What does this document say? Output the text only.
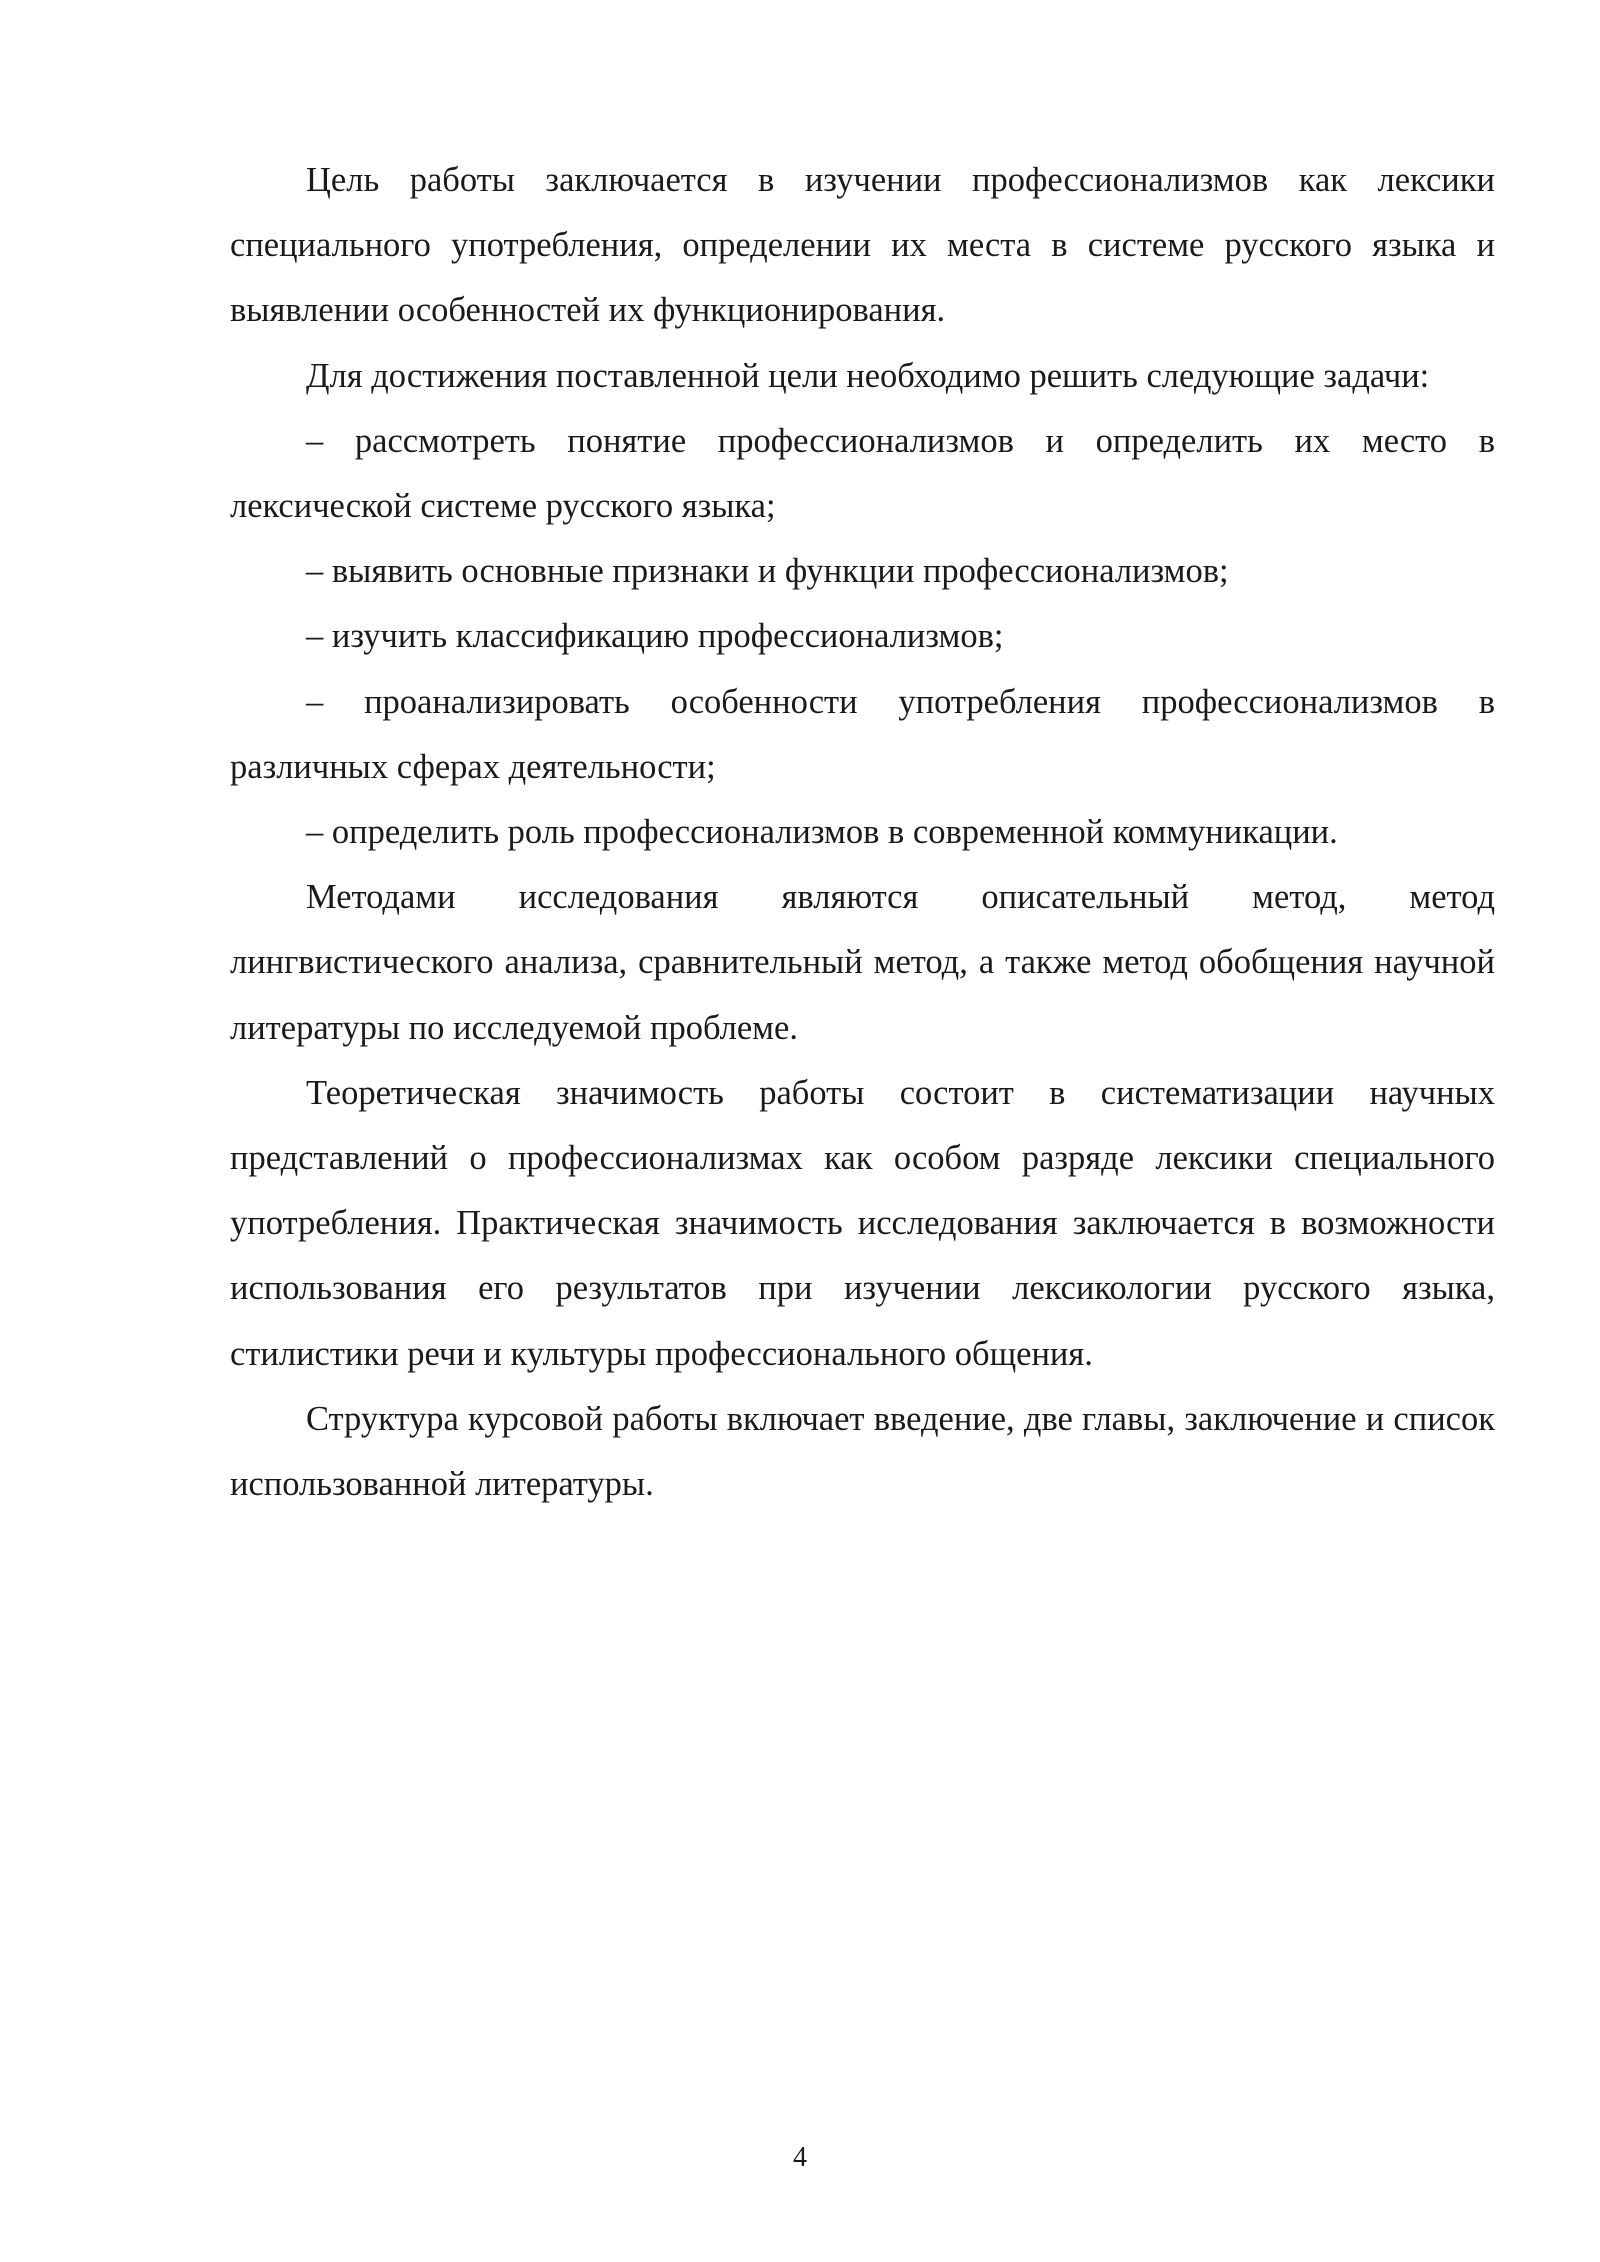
Цель работы заключается в изучении профессионализмов как лексики специального употребления, определении их места в системе русского языка и выявлении особенностей их функционирования.

Для достижения поставленной цели необходимо решить следующие задачи:

– рассмотреть понятие профессионализмов и определить их место в лексической системе русского языка;

– выявить основные признаки и функции профессионализмов;

– изучить классификацию профессионализмов;

– проанализировать особенности употребления профессионализмов в различных сферах деятельности;

– определить роль профессионализмов в современной коммуникации.

Методами исследования являются описательный метод, метод лингвистического анализа, сравнительный метод, а также метод обобщения научной литературы по исследуемой проблеме.

Теоретическая значимость работы состоит в систематизации научных представлений о профессионализмах как особом разряде лексики специального употребления. Практическая значимость исследования заключается в возможности использования его результатов при изучении лексикологии русского языка, стилистики речи и культуры профессионального общения.

Структура курсовой работы включает введение, две главы, заключение и список использованной литературы.

4
